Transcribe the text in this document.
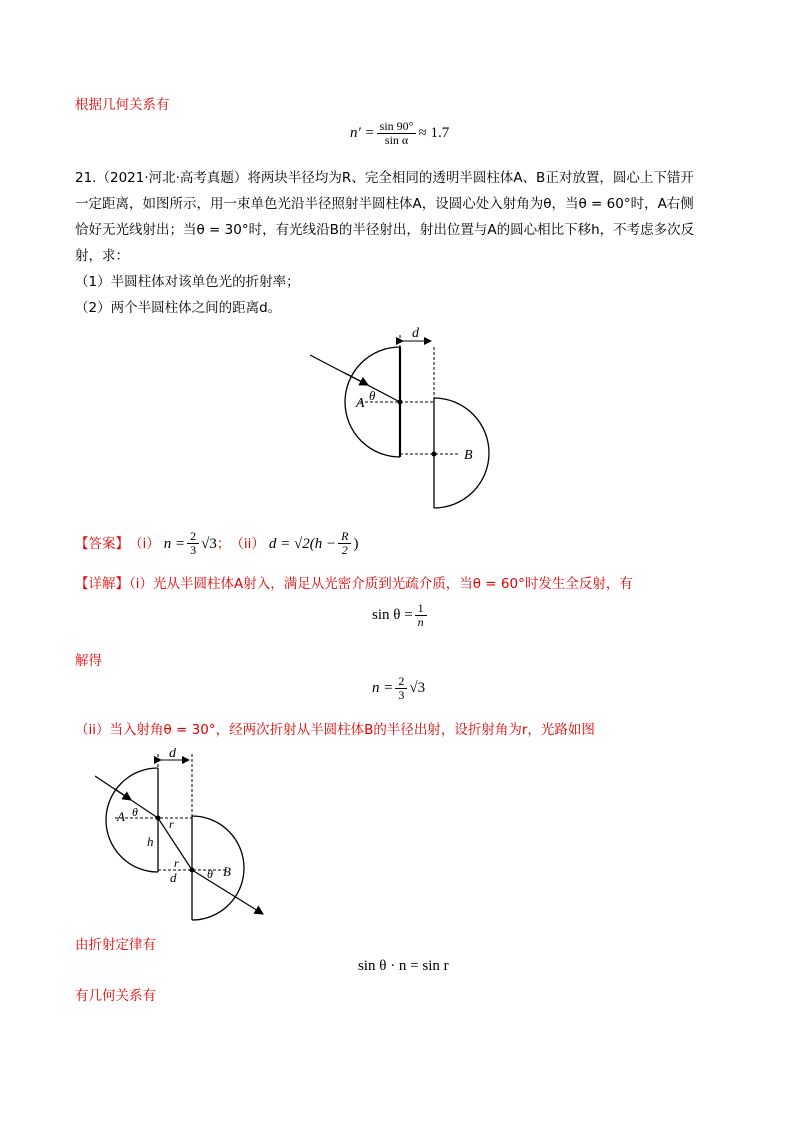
根据几何关系有
$n' = \frac{\sin 90^\circ}{\text{sin α}} \approx 1.7$
21.（2021·河北·高考真题）将两块半径均为R、完全相同的透明半圆柱体A、B正对放置，圆心上下错开
一定距离，如图所示，用一束单色光沿半径照射半圆柱体A，设圆心处入射角为θ，当θ = 60°时，A右侧
恰好无光线射出；当θ = 30°时，有光线沿B的半径射出，射出位置与A的圆心相比下移h，不考虑多次反
射，求：
（1）半圆柱体对该单色光的折射率；
（2）两个半圆柱体之间的距离d。
d
A
θ
B
【答案】 （i） $n = \frac{2}{3} √3$ ； （ii） $d = √2(h - \frac{R}{2}$ )
【详解】（i）光从半圆柱体A射入，满足从光密介质到光疏介质，当θ = 60°时发生全反射，有
$\sin \theta = \frac{1}{n}$
解得
$n = \frac{2}{3} √3$
（ii）当入射角θ = 30°，经两次折射从半圆柱体B的半径出射，设折射角为r，光路如图
d
A θ
r
h
r
d	θ B
由折射定律有
sin θ · n = sin r
有几何关系有
